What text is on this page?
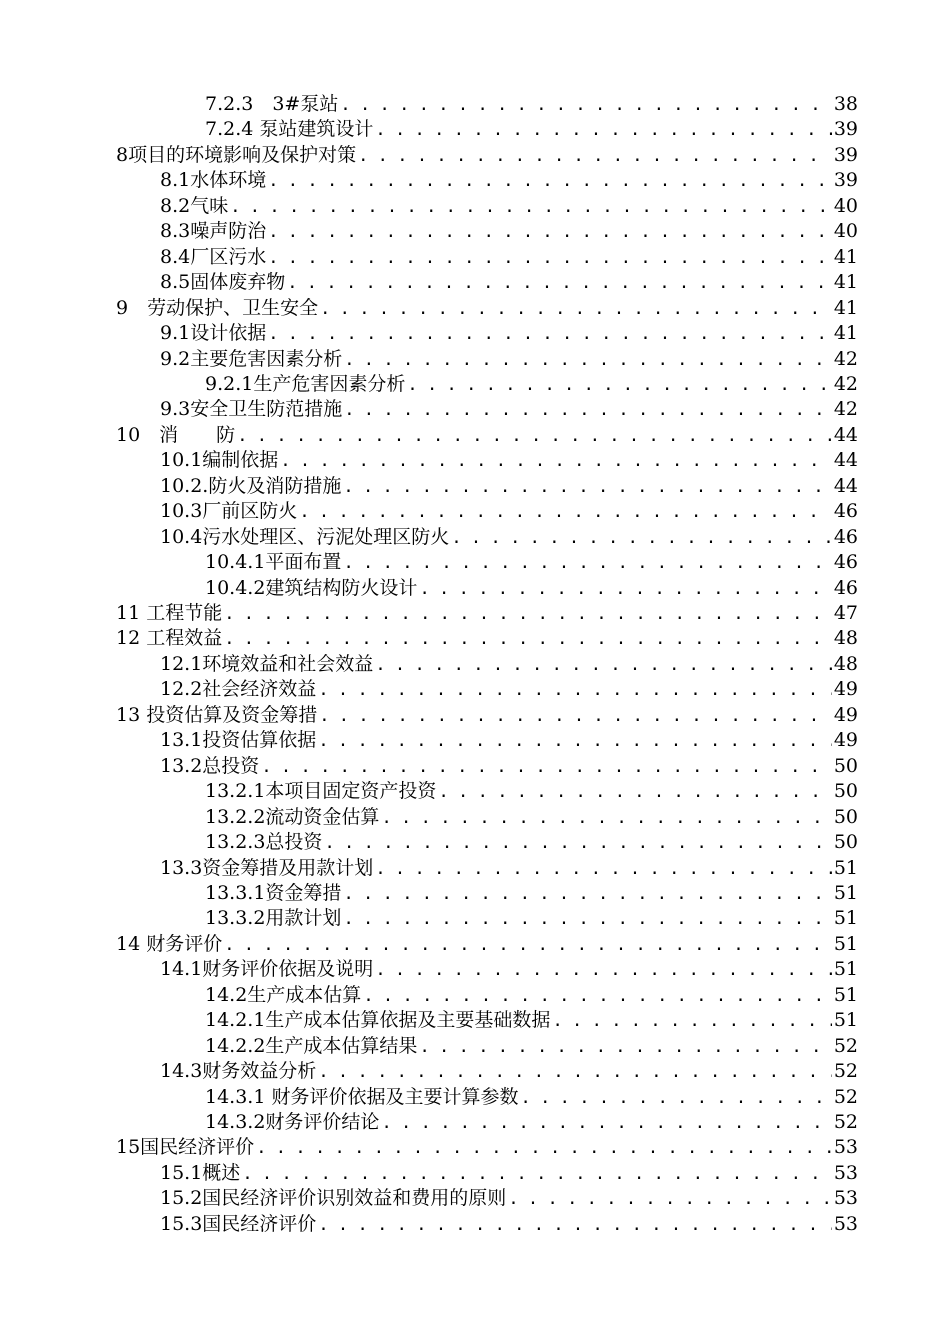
7.2.3　3#泵站 .....	38
7.2.4 泵站建筑设计 .....	39
8项目的环境影响及保护对策 .....	39
8.1水体环境 .....	39
8.2气味 .....	40
8.3噪声防治 .....	40
8.4厂区污水 .....	41
8.5固体废弃物 .....	41
9　劳动保护、卫生安全 .....	41
9.1设计依据 .....	41
9.2主要危害因素分析 .....	42
9.2.1生产危害因素分析 .....	42
9.3安全卫生防范措施 .....	42
10　消　　防 .....	44
10.1编制依据 .....	44
10.2.防火及消防措施 .....	44
10.3厂前区防火 .....	46
10.4污水处理区、污泥处理区防火 .....	46
10.4.1平面布置 .....	46
10.4.2建筑结构防火设计 .....	46
11 工程节能 .....	47
12 工程效益 .....	48
12.1环境效益和社会效益 .....	48
12.2社会经济效益 .....	49
13 投资估算及资金筹措 .....	49
13.1投资估算依据 .....	49
13.2总投资 .....	50
13.2.1本项目固定资产投资 .....	50
13.2.2流动资金估算 .....	50
13.2.3总投资 .....	50
13.3资金筹措及用款计划 .....	51
13.3.1资金筹措 .....	51
13.3.2用款计划 .....	51
14 财务评价 .....	51
14.1财务评价依据及说明 .....	51
14.2生产成本估算 .....	51
14.2.1生产成本估算依据及主要基础数据 .....	51
14.2.2生产成本估算结果 .....	52
14.3财务效益分析 .....	52
14.3.1 财务评价依据及主要计算参数 .....	52
14.3.2财务评价结论 .....	52
15国民经济评价 .....	53
15.1概述 .....	53
15.2国民经济评价识别效益和费用的原则 .....	53
15.3国民经济评价 .....	53
